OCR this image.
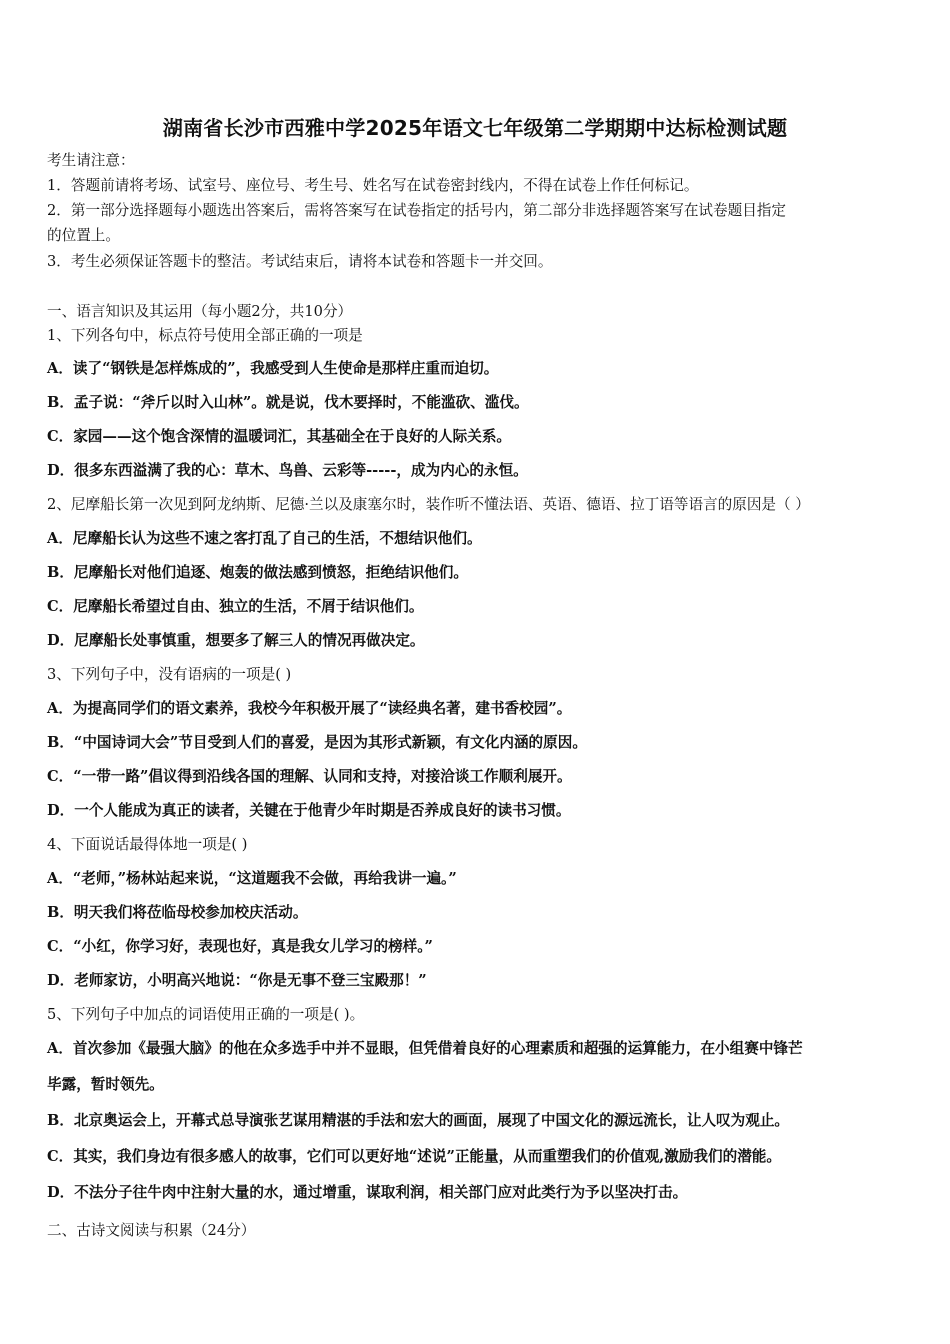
湖南省长沙市西雅中学2025年语文七年级第二学期期中达标检测试题
考生请注意：
1．答题前请将考场、试室号、座位号、考生号、姓名写在试卷密封线内，不得在试卷上作任何标记。
2．第一部分选择题每小题选出答案后，需将答案写在试卷指定的括号内，第二部分非选择题答案写在试卷题目指定
的位置上。
3．考生必须保证答题卡的整洁。考试结束后，请将本试卷和答题卡一并交回。
一、语言知识及其运用（每小题2分，共10分）
1、下列各句中，标点符号使用全部正确的一项是
A．读了“钢铁是怎样炼成的”，我感受到人生使命是那样庄重而迫切。
B．孟子说：“斧斤以时入山林”。就是说，伐木要择时，不能滥砍、滥伐。
C．家园——这个饱含深情的温暖词汇，其基础全在于良好的人际关系。
D．很多东西溢满了我的心：草木、鸟兽、云彩等-----，成为内心的永恒。
2、尼摩船长第一次见到阿龙纳斯、尼德·兰以及康塞尔时，装作听不懂法语、英语、德语、拉丁语等语言的原因是（ ）
A．尼摩船长认为这些不速之客打乱了自己的生活，不想结识他们。
B．尼摩船长对他们追逐、炮轰的做法感到愤怒，拒绝结识他们。
C．尼摩船长希望过自由、独立的生活，不屑于结识他们。
D．尼摩船长处事慎重，想要多了解三人的情况再做决定。
3、下列句子中，没有语病的一项是( )
A．为提高同学们的语文素养，我校今年积极开展了“读经典名著，建书香校园”。
B．“中国诗词大会”节目受到人们的喜爱，是因为其形式新颖，有文化内涵的原因。
C．“一带一路”倡议得到沿线各国的理解、认同和支持，对接洽谈工作顺利展开。
D．一个人能成为真正的读者，关键在于他青少年时期是否养成良好的读书习惯。
4、下面说话最得体地一项是( )
A．“老师，”杨林站起来说，“这道题我不会做，再给我讲一遍。”
B．明天我们将莅临母校参加校庆活动。
C．“小红，你学习好，表现也好，真是我女儿学习的榜样。”
D．老师家访，小明高兴地说：“你是无事不登三宝殿那！”
5、下列句子中加点的词语使用正确的一项是( )。
A．首次参加《最强大脑》的他在众多选手中并不显眼，但凭借着良好的心理素质和超强的运算能力，在小组赛中锋芒
毕露，暂时领先。
B．北京奥运会上，开幕式总导演张艺谋用精湛的手法和宏大的画面，展现了中国文化的源远流长，让人叹为观止。
C．其实，我们身边有很多感人的故事，它们可以更好地“述说”正能量，从而重塑我们的价值观,激励我们的潜能。
D．不法分子往牛肉中注射大量的水，通过增重，谋取利润，相关部门应对此类行为予以坚决打击。
二、古诗文阅读与积累（24分）
